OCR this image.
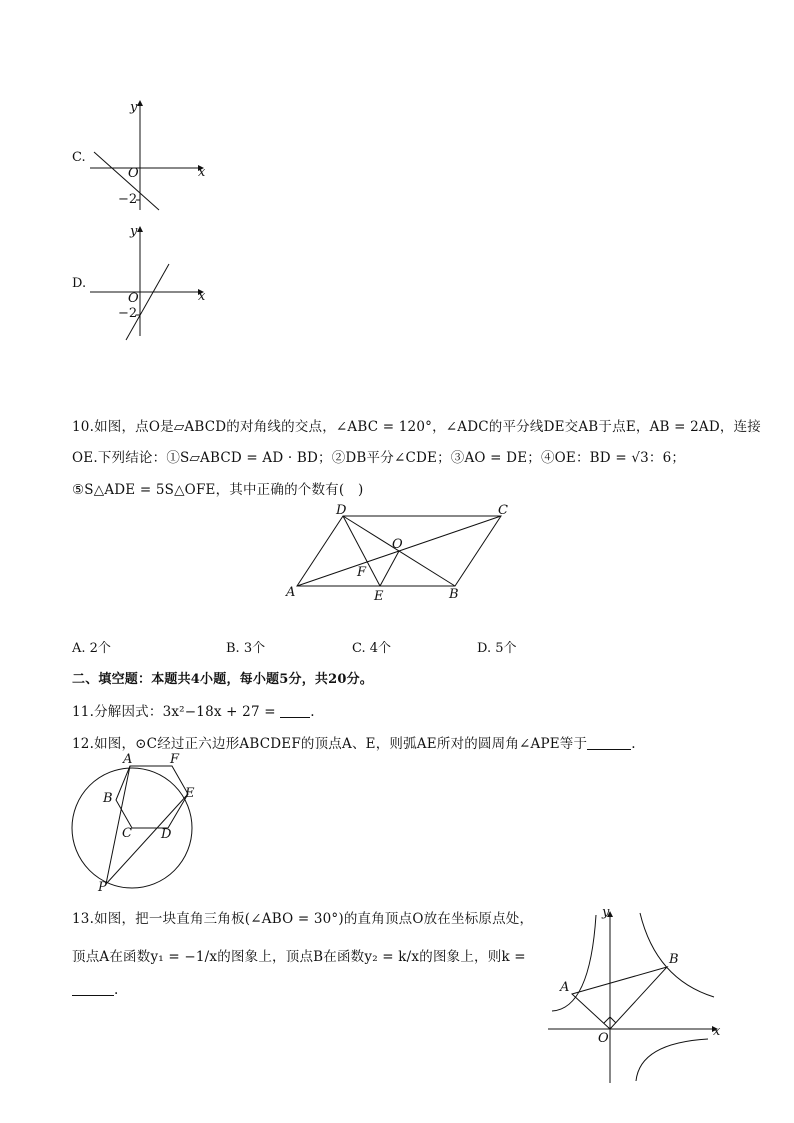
C.
y
x
O
−2
D.
y
x
O
−2
10.如图，点O是▱ABCD的对角线的交点，∠ABC = 120°，∠ADC的平分线DE交AB于点E，AB = 2AD，连接
OE.下列结论：①S▱ABCD = AD · BD；②DB平分∠CDE；③AO = DE；④OE：BD = √3：6；
⑤S△ADE = 5S△OFE，其中正确的个数有(　)
D	C
O
F
A	E	B
A. 2个	B. 3个	C. 4个	D. 5个
二、填空题：本题共4小题，每小题5分，共20分。
11.分解因式：3x²−18x + 27 = .
12.如图，⊙C经过正六边形ABCDEF的顶点A、E，则弧AE所对的圆周角∠APE等于	.
A	F
B	E
C D
P
13.如图，把一块直角三角板(∠ABO = 30°)的直角顶点O放在坐标原点处，
顶点A在函数y₁ = −1/x的图象上，顶点B在函数y₂ = k/x的图象上，则k =
.
y
x
O
A
B
